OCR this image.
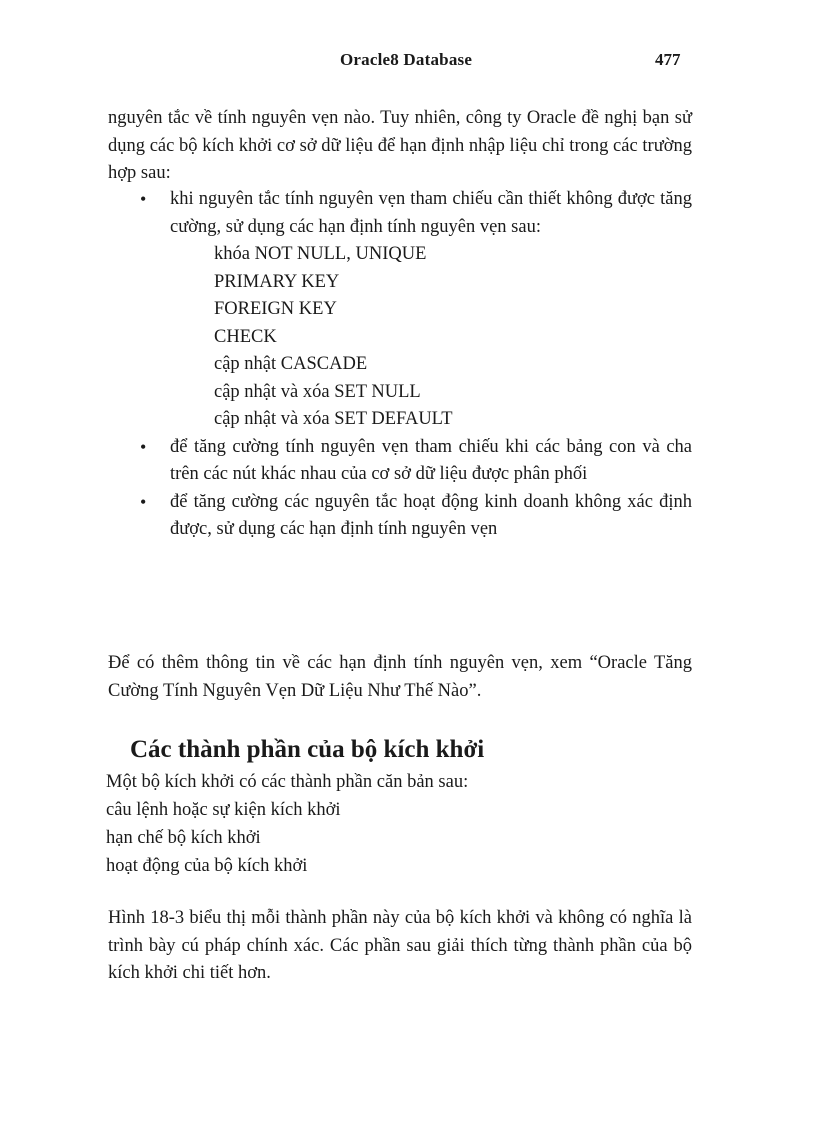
Oracle8 Database	477

nguyên tắc về tính nguyên vẹn nào. Tuy nhiên, công ty Oracle đề nghị bạn sử dụng các bộ kích khởi cơ sở dữ liệu để hạn định nhập liệu chỉ trong các trường hợp sau:

• khi nguyên tắc tính nguyên vẹn tham chiếu cần thiết không được tăng cường, sử dụng các hạn định tính nguyên vẹn sau:
khóa NOT NULL, UNIQUE
PRIMARY KEY
FOREIGN KEY
CHECK
cập nhật CASCADE
cập nhật và xóa SET NULL
cập nhật và xóa SET DEFAULT
• để tăng cường tính nguyên vẹn tham chiếu khi các bảng con và cha trên các nút khác nhau của cơ sở dữ liệu được phân phối
• để tăng cường các nguyên tắc hoạt động kinh doanh không xác định được, sử dụng các hạn định tính nguyên vẹn

Để có thêm thông tin về các hạn định tính nguyên vẹn, xem “Oracle Tăng Cường Tính Nguyên Vẹn Dữ Liệu Như Thế Nào”.

Các thành phần của bộ kích khởi
Một bộ kích khởi có các thành phần căn bản sau:
câu lệnh hoặc sự kiện kích khởi
hạn chế bộ kích khởi
hoạt động của bộ kích khởi

Hình 18-3 biểu thị mỗi thành phần này của bộ kích khởi và không có nghĩa là trình bày cú pháp chính xác. Các phần sau giải thích từng thành phần của bộ kích khởi chi tiết hơn.
